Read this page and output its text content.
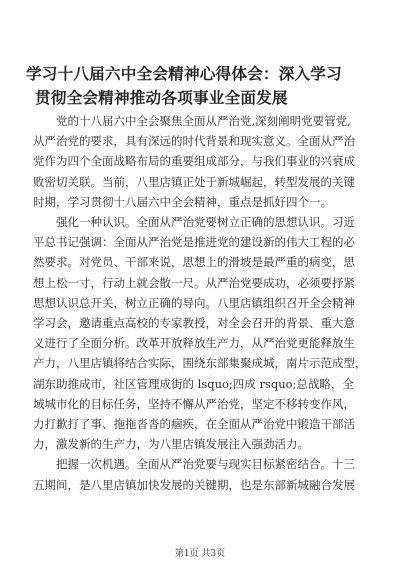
学习十八届六中全会精神心得体会：深入学习
贯彻全会精神推动各项事业全面发展
　　党的十八届六中全会聚焦全面从严治党,深刻阐明党要管党,
从严治党的要求，具有深远的时代背景和现实意义。全面从严治
党作为四个全面战略布局的重要组成部分，与我们事业的兴衰成
败密切关联。当前，八里店镇正处于新城崛起，转型发展的关键
时期，学习贯彻十八届六中全会精神，重点是抓好四个一。
　　强化一种认识。全面从严治党要树立正确的思想认识。习近
平总书记强调：全面从严治党是推进党的建设新的伟大工程的必
然要求。对党员、干部来说，思想上的滑坡是最严重的病变，思
想上松一寸，行动上就会散一尺。从严治党要成功，必须要抒紧
思想认识总开关，树立正确的导向。八里店镇组织召开全会精神
学习会，邀请重点高校的专家教授，对全会召开的背景、重大意
义进行了全面分析。改革开放释放生产力，从严治党更能释放生
产力，八里店镇将结合实际，围绕东部集聚成城，南片示范成型，
湖东助推成市，社区管理成街的 lsquo;四成 rsquo;总战略，全
域城市化的目标任务，坚持不懈从严治党，坚定不移转变作风，
力打歉打了事、拖拖沓沓的痼疾，在全面从严治党中锻造干部活
力，激发新的生产力，为八里店镇发展注入强劲活力。
　　把握一次机遇。全面从严治党要与现实目标紧密结合。十三
五期间，是八里店镇加快发展的关键期，也是东部新城融合发展
第1页 共3页
